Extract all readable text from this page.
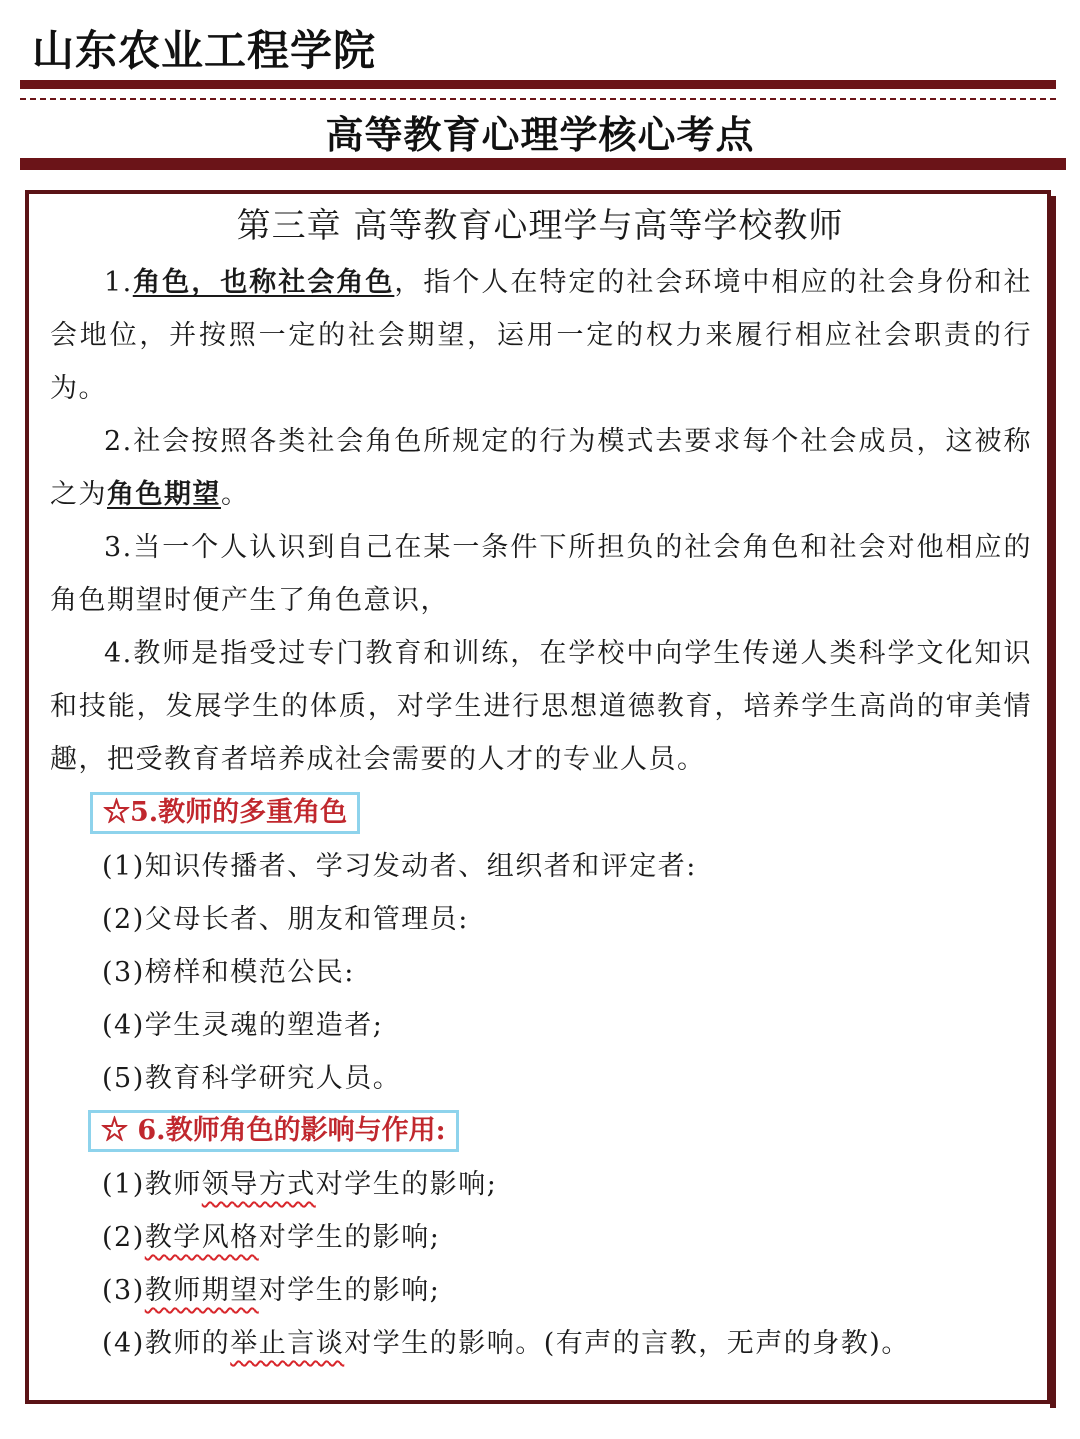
山东农业工程学院
高等教育心理学核心考点
第三章 高等教育心理学与高等学校教师
1.角色，也称社会角色，指个人在特定的社会环境中相应的社会身份和社会地位，并按照一定的社会期望，运用一定的权力来履行相应社会职责的行为。
2.社会按照各类社会角色所规定的行为模式去要求每个社会成员，这被称之为角色期望。
3.当一个人认识到自己在某一条件下所担负的社会角色和社会对他相应的角色期望时便产生了角色意识，
4.教师是指受过专门教育和训练，在学校中向学生传递人类科学文化知识和技能，发展学生的体质，对学生进行思想道德教育，培养学生高尚的审美情趣，把受教育者培养成社会需要的人才的专业人员。
☆5.教师的多重角色
(1)知识传播者、学习发动者、组织者和评定者:
(2)父母长者、朋友和管理员:
(3)榜样和模范公民:
(4)学生灵魂的塑造者;
(5)教育科学研究人员。
☆ 6.教师角色的影响与作用:
(1)教师领导方式对学生的影响;
(2)教学风格对学生的影响;
(3)教师期望对学生的影响;
(4)教师的举止言谈对学生的影响。(有声的言教，无声的身教)。
